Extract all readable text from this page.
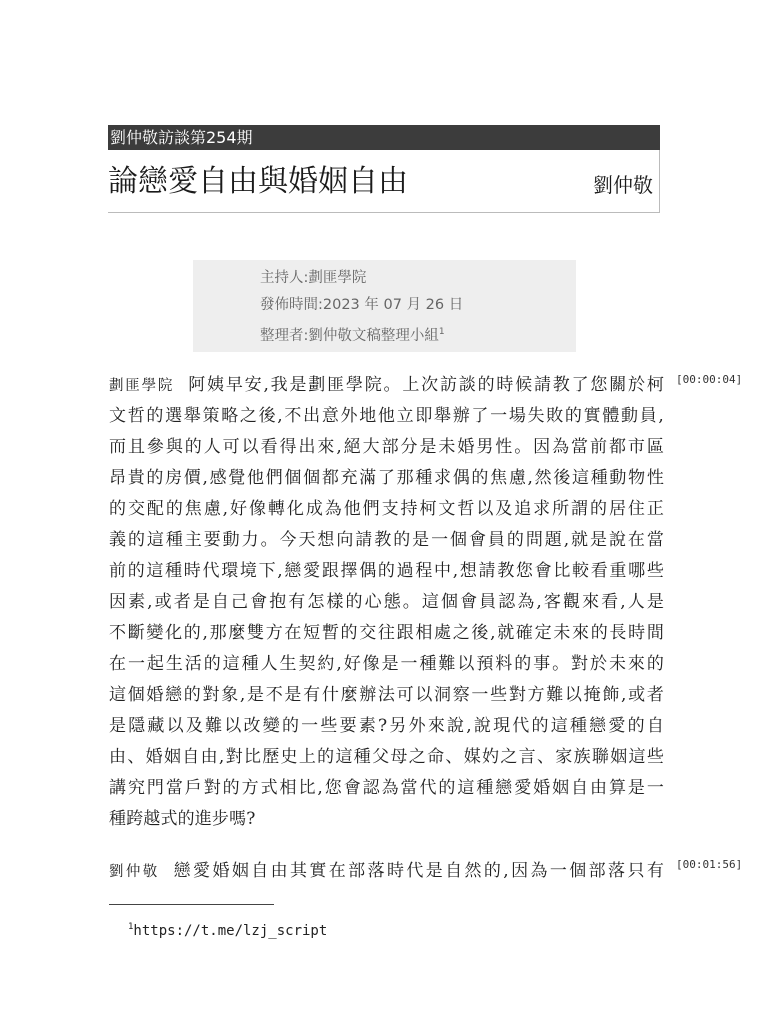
劉仲敬訪談第254期
論戀愛自由與婚姻自由	劉仲敬
主持人:劃匪學院
發佈時間:2023 年 07 月 26 日
整理者:劉仲敬文稿整理小組$^1$
[00:00:04]
劃匪學院 阿姨早安,我是劃匪學院。上次訪談的時候請教了您關於柯
文哲的選舉策略之後,不出意外地他立即舉辦了一場失敗的實體動員,
而且參與的人可以看得出來,絕大部分是未婚男性。因為當前都市區
昂貴的房價,感覺他們個個都充滿了那種求偶的焦慮,然後這種動物性
的交配的焦慮,好像轉化成為他們支持柯文哲以及追求所謂的居住正
義的這種主要動力。今天想向請教的是一個會員的問題,就是說在當
前的這種時代環境下,戀愛跟擇偶的過程中,想請教您會比較看重哪些
因素,或者是自己會抱有怎樣的心態。這個會員認為,客觀來看,人是
不斷變化的,那麼雙方在短暫的交往跟相處之後,就確定未來的長時間
在一起生活的這種人生契約,好像是一種難以預料的事。對於未來的
這個婚戀的對象,是不是有什麼辦法可以洞察一些對方難以掩飾,或者
是隱藏以及難以改變的一些要素?另外來說,說現代的這種戀愛的自
由、婚姻自由,對比歷史上的這種父母之命、媒妁之言、家族聯姻這些
講究門當戶對的方式相比,您會認為當代的這種戀愛婚姻自由算是一
種跨越式的進步嗎?
[00:01:56]
劉仲敬 戀愛婚姻自由其實在部落時代是自然的,因為一個部落只有
$^1$https://t.me/lzj_script
